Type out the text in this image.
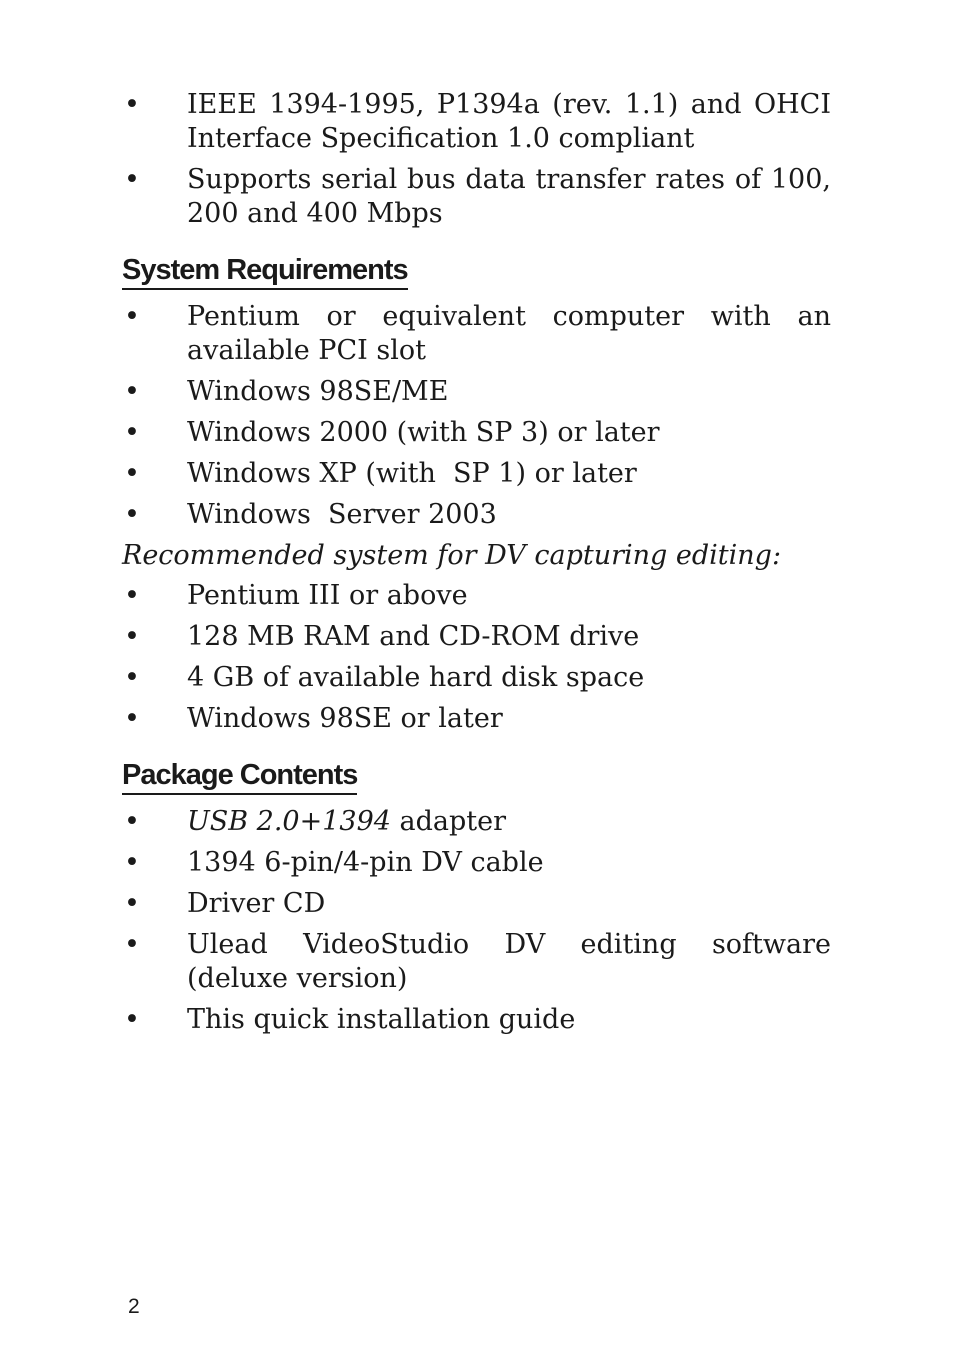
• IEEE 1394-1995, P1394a (rev. 1.1) and OHCI Interface Specification 1.0 compliant
• Supports serial bus data transfer rates of 100, 200 and 400 Mbps
System Requirements
• Pentium or equivalent computer with an available PCI slot
• Windows 98SE/ME
• Windows 2000 (with SP 3) or later
• Windows XP (with  SP 1) or later
• Windows  Server 2003
Recommended system for DV capturing editing:
• Pentium III or above
• 128 MB RAM and CD-ROM drive
• 4 GB of available hard disk space
• Windows 98SE or later
Package Contents
• USB 2.0+1394 adapter
• 1394 6-pin/4-pin DV cable
• Driver CD
• Ulead VideoStudio DV editing software (deluxe version)
• This quick installation guide
2
